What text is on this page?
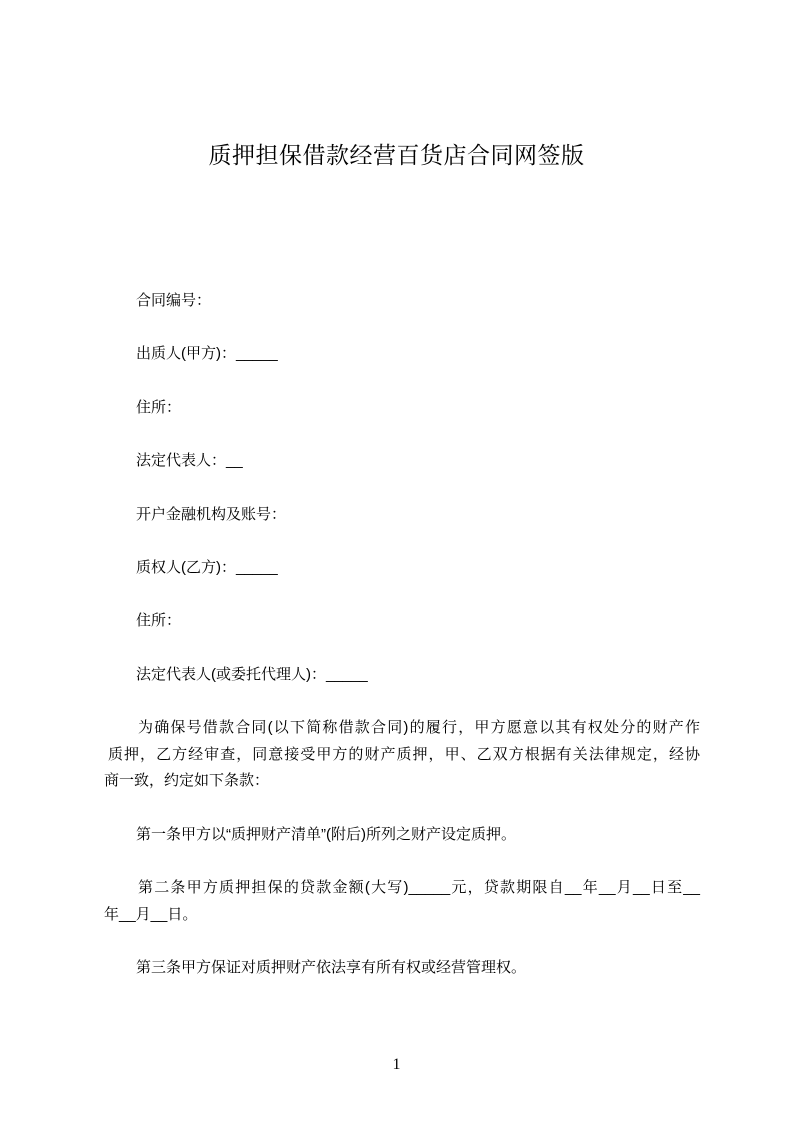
质押担保借款经营百货店合同网签版
合同编号：
出质人(甲方)：_____
住所：
法定代表人：__
开户金融机构及账号：
质权人(乙方)：_____
住所：
法定代表人(或委托代理人)：_____
为确保号借款合同(以下简称借款合同)的履行，甲方愿意以其有权处分的财产作
质押，乙方经审查，同意接受甲方的财产质押，甲、乙双方根据有关法律规定，经协
商一致，约定如下条款：
第一条甲方以“质押财产清单”(附后)所列之财产设定质押。
第二条甲方质押担保的贷款金额(大写)_____元，贷款期限自__年__月__日至__
年__月__日。
第三条甲方保证对质押财产依法享有所有权或经营管理权。
1
